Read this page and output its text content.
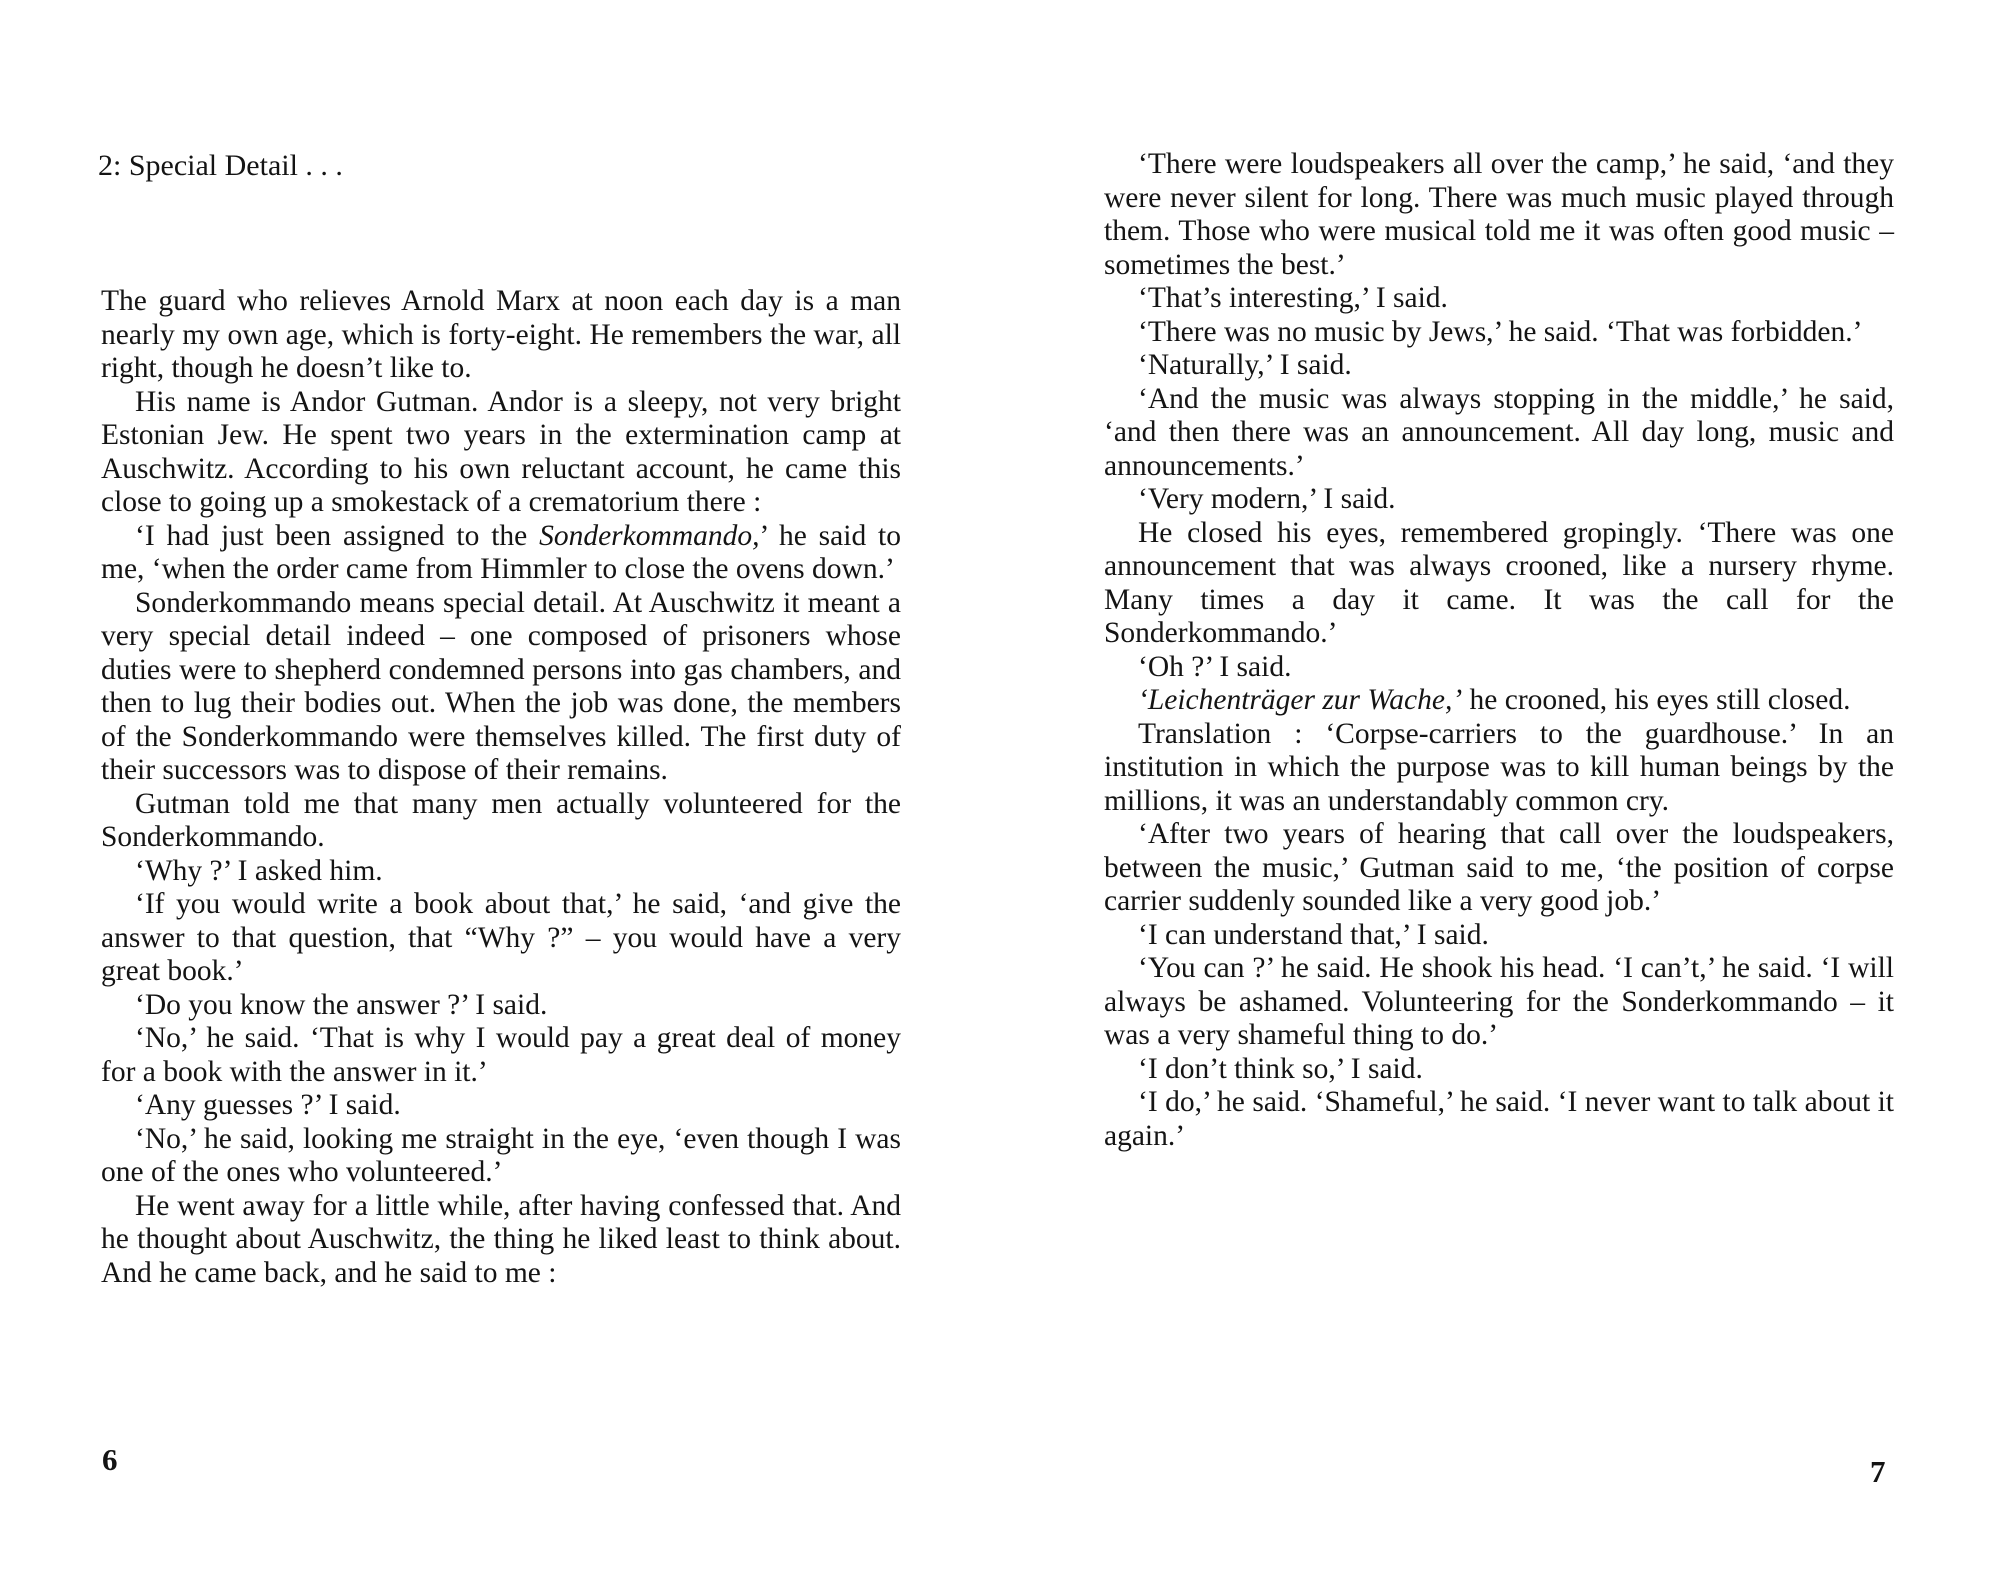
2: Special Detail . . .

The guard who relieves Arnold Marx at noon each day is a man nearly my own age, which is forty-eight. He remembers the war, all right, though he doesn’t like to.

His name is Andor Gutman. Andor is a sleepy, not very bright Estonian Jew. He spent two years in the extermination camp at Auschwitz. According to his own reluctant account, he came this close to going up a smokestack of a crematorium there :

‘I had just been assigned to the Sonderkommando,’ he said to me, ‘when the order came from Himmler to close the ovens down.’

Sonderkommando means special detail. At Auschwitz it meant a very special detail indeed – one composed of prisoners whose duties were to shepherd condemned persons into gas chambers, and then to lug their bodies out. When the job was done, the members of the Sonderkommando were themselves killed. The first duty of their successors was to dispose of their remains.

Gutman told me that many men actually volunteered for the Sonderkommando.

‘Why ?’ I asked him.

‘If you would write a book about that,’ he said, ‘and give the answer to that question, that “Why ?” – you would have a very great book.’

‘Do you know the answer ?’ I said.

‘No,’ he said. ‘That is why I would pay a great deal of money for a book with the answer in it.’

‘Any guesses ?’ I said.

‘No,’ he said, looking me straight in the eye, ‘even though I was one of the ones who volunteered.’

He went away for a little while, after having confessed that. And he thought about Auschwitz, the thing he liked least to think about. And he came back, and he said to me :

6

‘There were loudspeakers all over the camp,’ he said, ‘and they were never silent for long. There was much music played through them. Those who were musical told me it was often good music – sometimes the best.’

‘That’s interesting,’ I said.

‘There was no music by Jews,’ he said. ‘That was forbidden.’

‘Naturally,’ I said.

‘And the music was always stopping in the middle,’ he said, ‘and then there was an announcement. All day long, music and announcements.’

‘Very modern,’ I said.

He closed his eyes, remembered gropingly. ‘There was one announcement that was always crooned, like a nursery rhyme. Many times a day it came. It was the call for the Sonderkommando.’

‘Oh ?’ I said.

‘Leichenträger zur Wache,’ he crooned, his eyes still closed.

Translation : ‘Corpse-carriers to the guardhouse.’ In an institution in which the purpose was to kill human beings by the millions, it was an understandably common cry.

‘After two years of hearing that call over the loudspeakers, between the music,’ Gutman said to me, ‘the position of corpse carrier suddenly sounded like a very good job.’

‘I can understand that,’ I said.

‘You can ?’ he said. He shook his head. ‘I can’t,’ he said. ‘I will always be ashamed. Volunteering for the Sonderkommando – it was a very shameful thing to do.’

‘I don’t think so,’ I said.

‘I do,’ he said. ‘Shameful,’ he said. ‘I never want to talk about it again.’

7
